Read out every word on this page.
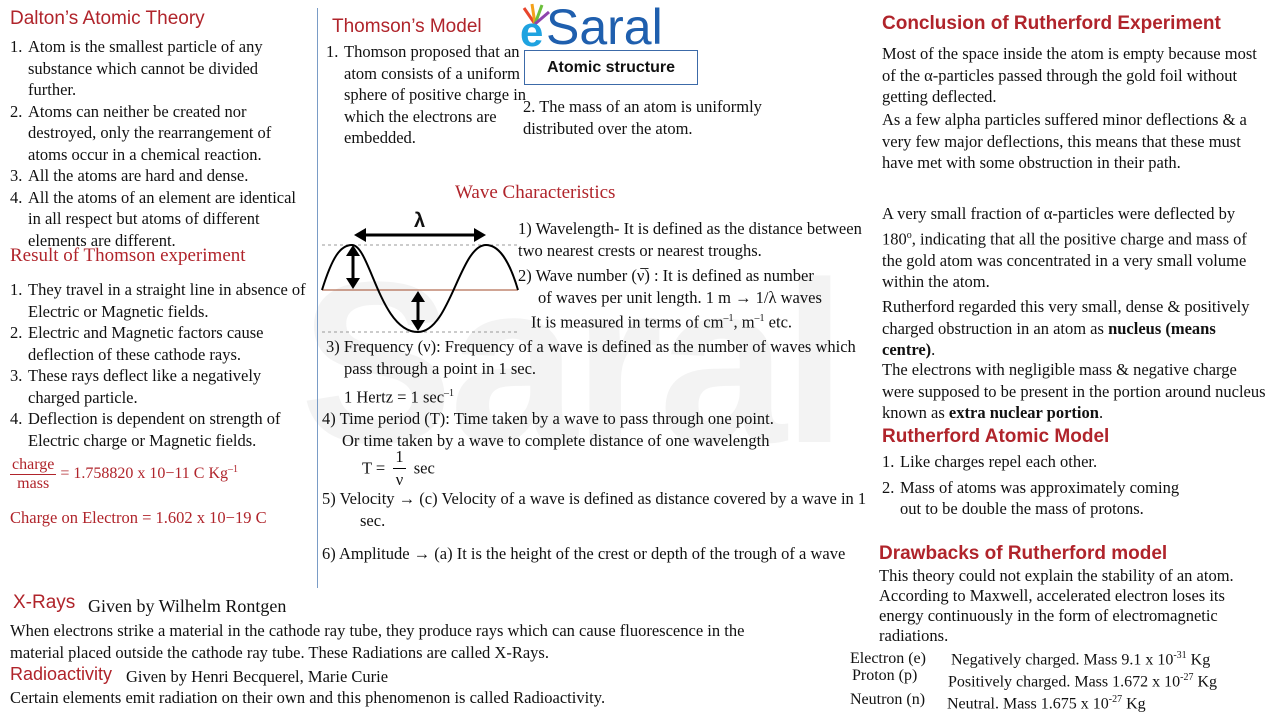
Dalton’s Atomic Theory
1. Atom is the smallest particle of any substance which cannot be divided further.
2. Atoms can neither be created nor destroyed, only the rearrangement of atoms occur in a chemical reaction.
3. All the atoms are hard and dense.
4. All the atoms of an element are identical in all respect but atoms of different elements are different.
Result of Thomson experiment
1. They travel in a straight line in absence of Electric or Magnetic fields.
2. Electric and Magnetic factors cause deflection of these cathode rays.
3. These rays deflect like a negatively charged particle.
4. Deflection is dependent on strength of Electric charge or Magnetic fields.
$\frac{\text{charge}}{\text{mass}} = 1.758820$ x 10−11 C $Kg^{-1}$
Charge on Electron = 1.602 x 10−19 C
Thomson’s Model
1. Thomson proposed that an atom consists of a uniform sphere of positive charge in which the electrons are embedded.
e Saral
Atomic structure
2. The mass of an atom is uniformly distributed over the atom.
Wave Characteristics
λ	1) Wavelength- It is defined as the distance between two nearest crests or nearest troughs.
2) Wave number (ν̅) : It is defined as number
of waves per unit length. 1 m → 1/λ waves
It is measured in terms of $cm^{-1}$, $m^{-1}$ etc.
3) Frequency (ν): Frequency of a wave is defined as the number of waves which pass through a point in 1 sec.
1 Hertz = 1 $\sec^{-1}$
4) Time period (T): Time taken by a wave to pass through one point.
Or time taken by a wave to complete distance of one wavelength
$T = \frac{1}{\nu}$ sec
5) Velocity → (c) Velocity of a wave is defined as distance covered by a wave in 1 sec.
6) Amplitude → (a) It is the height of the crest or depth of the trough of a wave
Conclusion of Rutherford Experiment
Most of the space inside the atom is empty because most of the α-particles passed through the gold foil without getting deflected.
As a few alpha particles suffered minor deflections & a very few major deflections, this means that these must have met with some obstruction in their path.
A very small fraction of α-particles were deflected by 180$^o$, indicating that all the positive charge and mass of the gold atom was concentrated in a very small volume within the atom.
Rutherford regarded this very small, dense & positively charged obstruction in an atom as nucleus (means centre).
The electrons with negligible mass & negative charge were supposed to be present in the portion around nucleus known as extra nuclear portion.
Rutherford Atomic Model
1. Like charges repel each other.
2. Mass of atoms was approximately coming out to be double the mass of protons.
Drawbacks of Rutherford model
This theory could not explain the stability of an atom. According to Maxwell, accelerated electron loses its energy continuously in the form of electromagnetic radiations.
Electron (e) Negatively charged. Mass 9.1 x $10^{-31}$ Kg
Proton (p) Positively charged. Mass 1.672 x $10^{-27}$ Kg
Neutron (n) Neutral. Mass 1.675 x $10^{-27}$ Kg
X-Rays Given by Wilhelm Rontgen
When electrons strike a material in the cathode ray tube, they produce rays which can cause fluorescence in the material placed outside the cathode ray tube. These Radiations are called X-Rays.
Radioactivity Given by Henri Becquerel, Marie Curie
Certain elements emit radiation on their own and this phenomenon is called Radioactivity.
